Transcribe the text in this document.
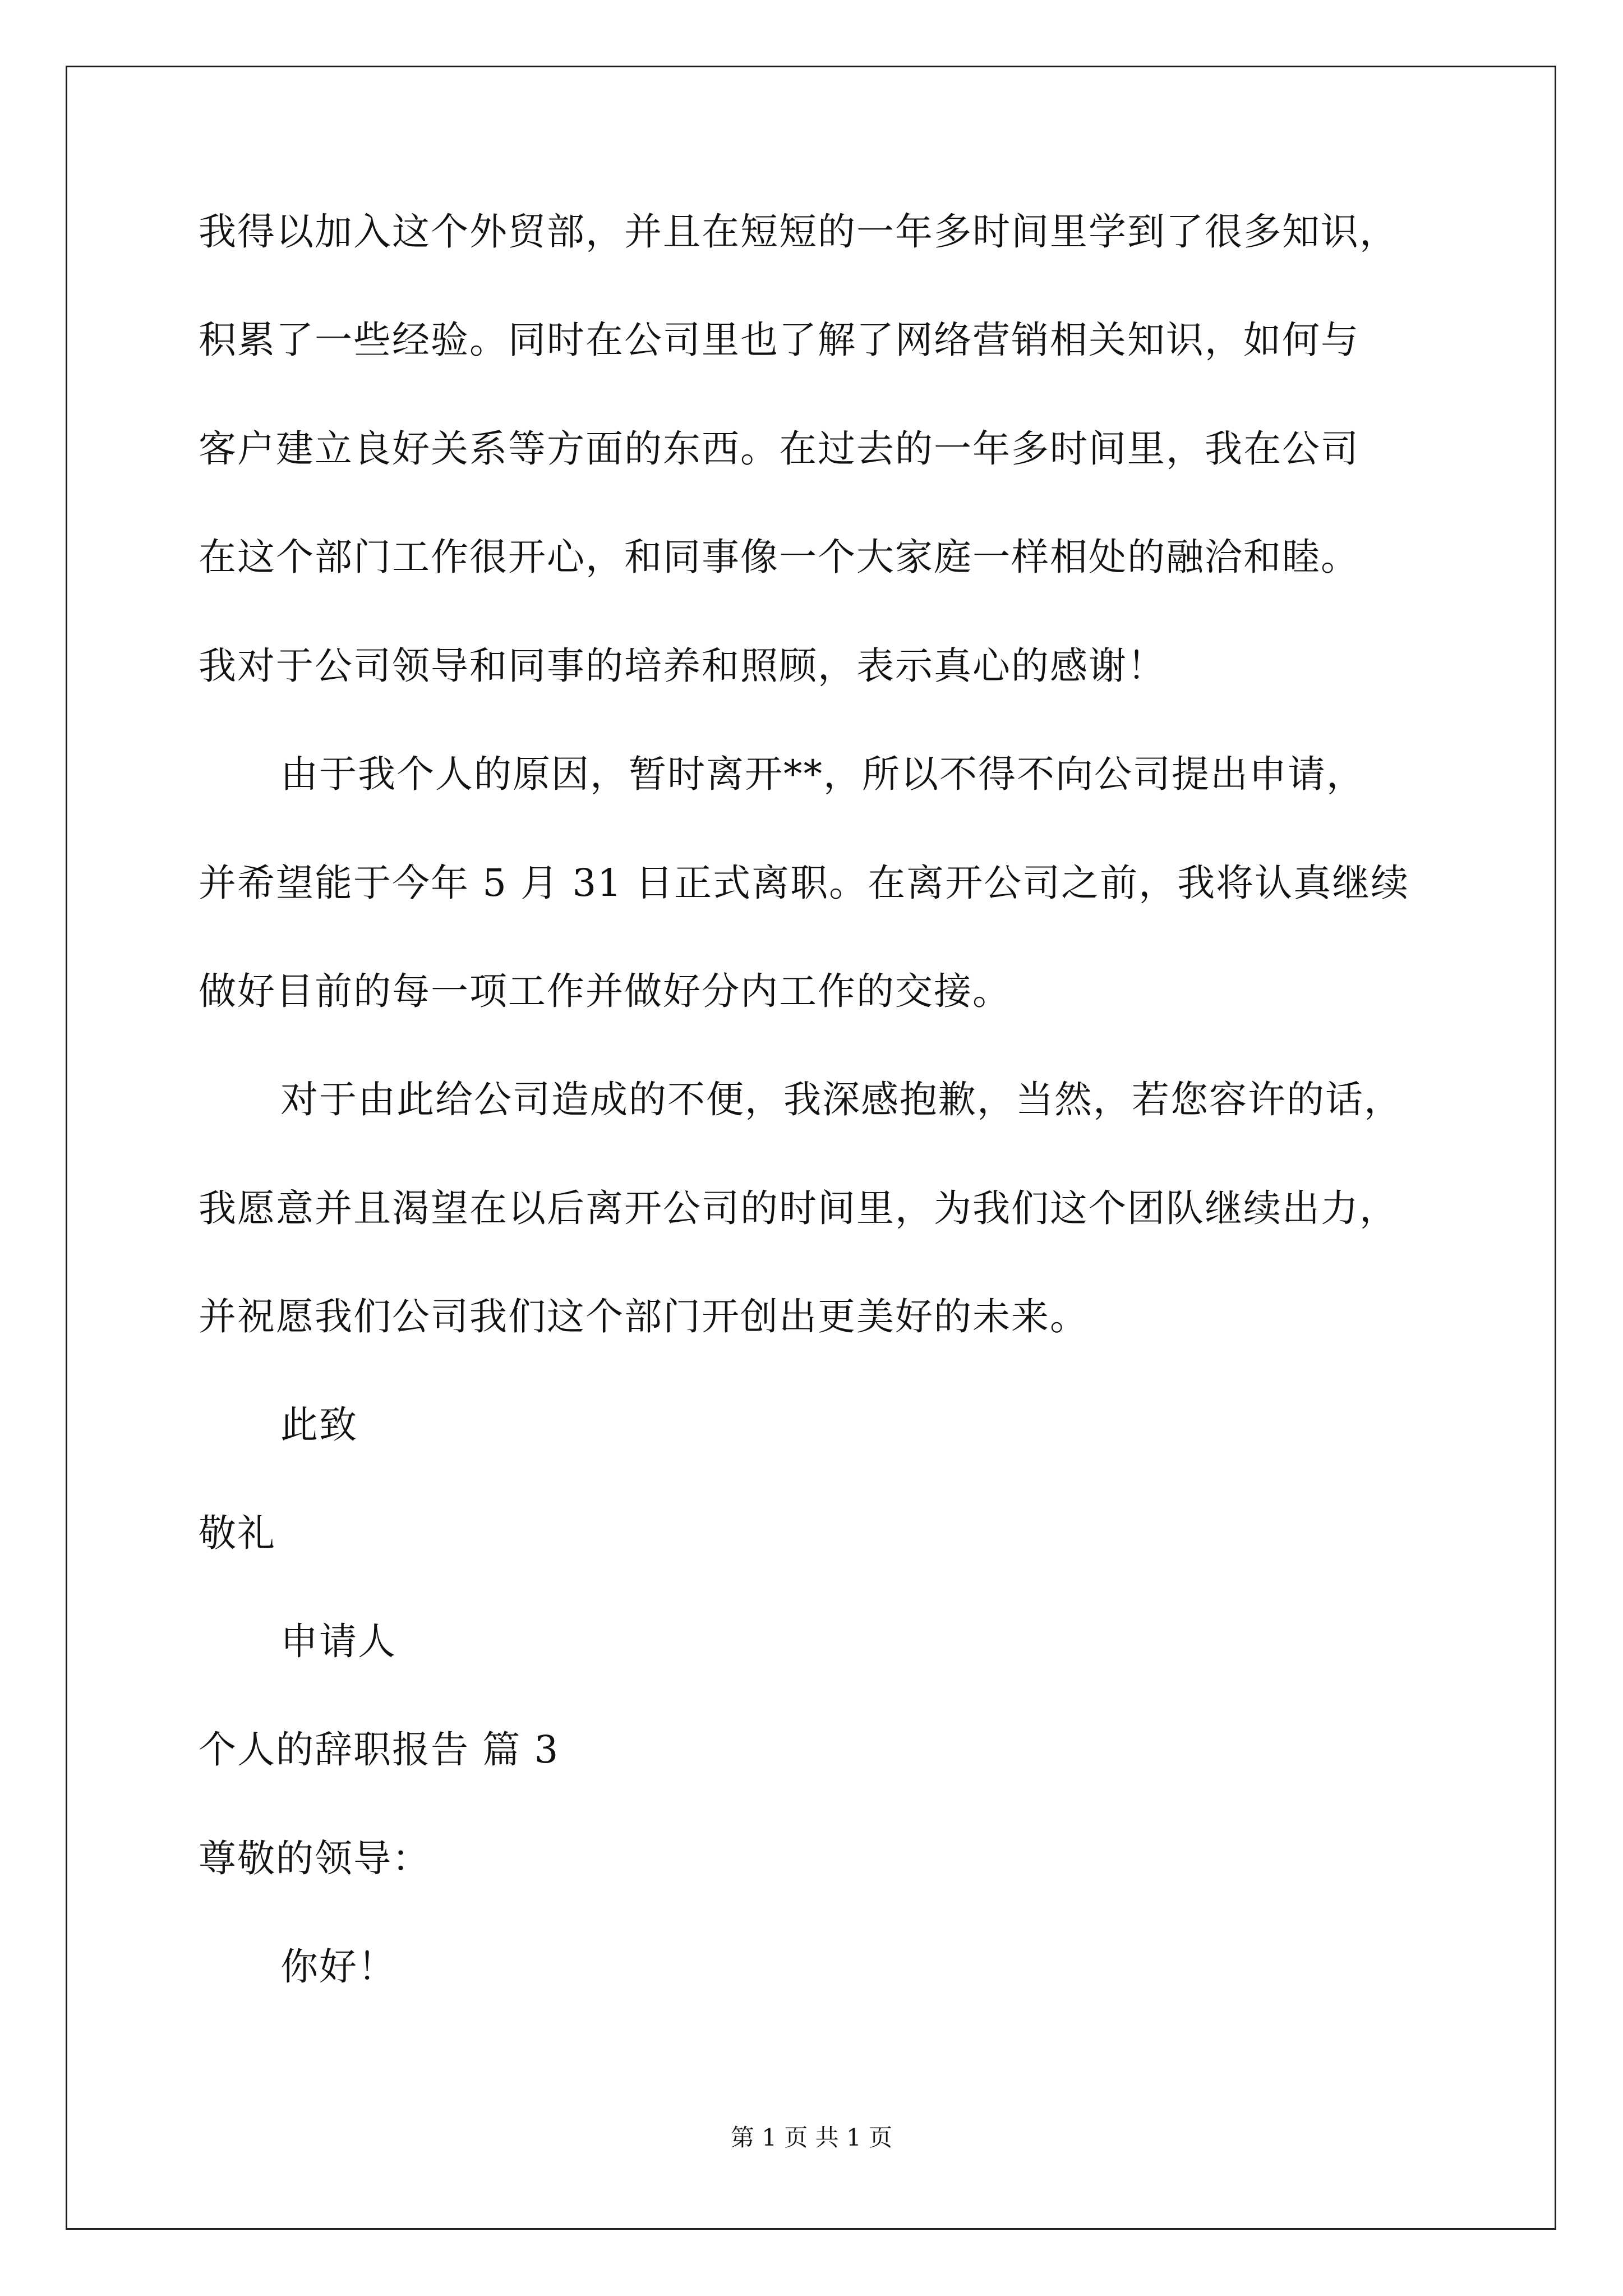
我得以加入这个外贸部，并且在短短的一年多时间里学到了很多知识，
积累了一些经验。同时在公司里也了解了网络营销相关知识，如何与
客户建立良好关系等方面的东西。在过去的一年多时间里，我在公司
在这个部门工作很开心，和同事像一个大家庭一样相处的融洽和睦。
我对于公司领导和同事的培养和照顾，表示真心的感谢！
由于我个人的原因，暂时离开**，所以不得不向公司提出申请，
并希望能于今年 5 月 31 日正式离职。在离开公司之前，我将认真继续
做好目前的每一项工作并做好分内工作的交接。
对于由此给公司造成的不便，我深感抱歉，当然，若您容许的话，
我愿意并且渴望在以后离开公司的时间里，为我们这个团队继续出力，
并祝愿我们公司我们这个部门开创出更美好的未来。
此致
敬礼
申请人
个人的辞职报告 篇 3
尊敬的领导：
你好！
第 1 页 共 1 页
